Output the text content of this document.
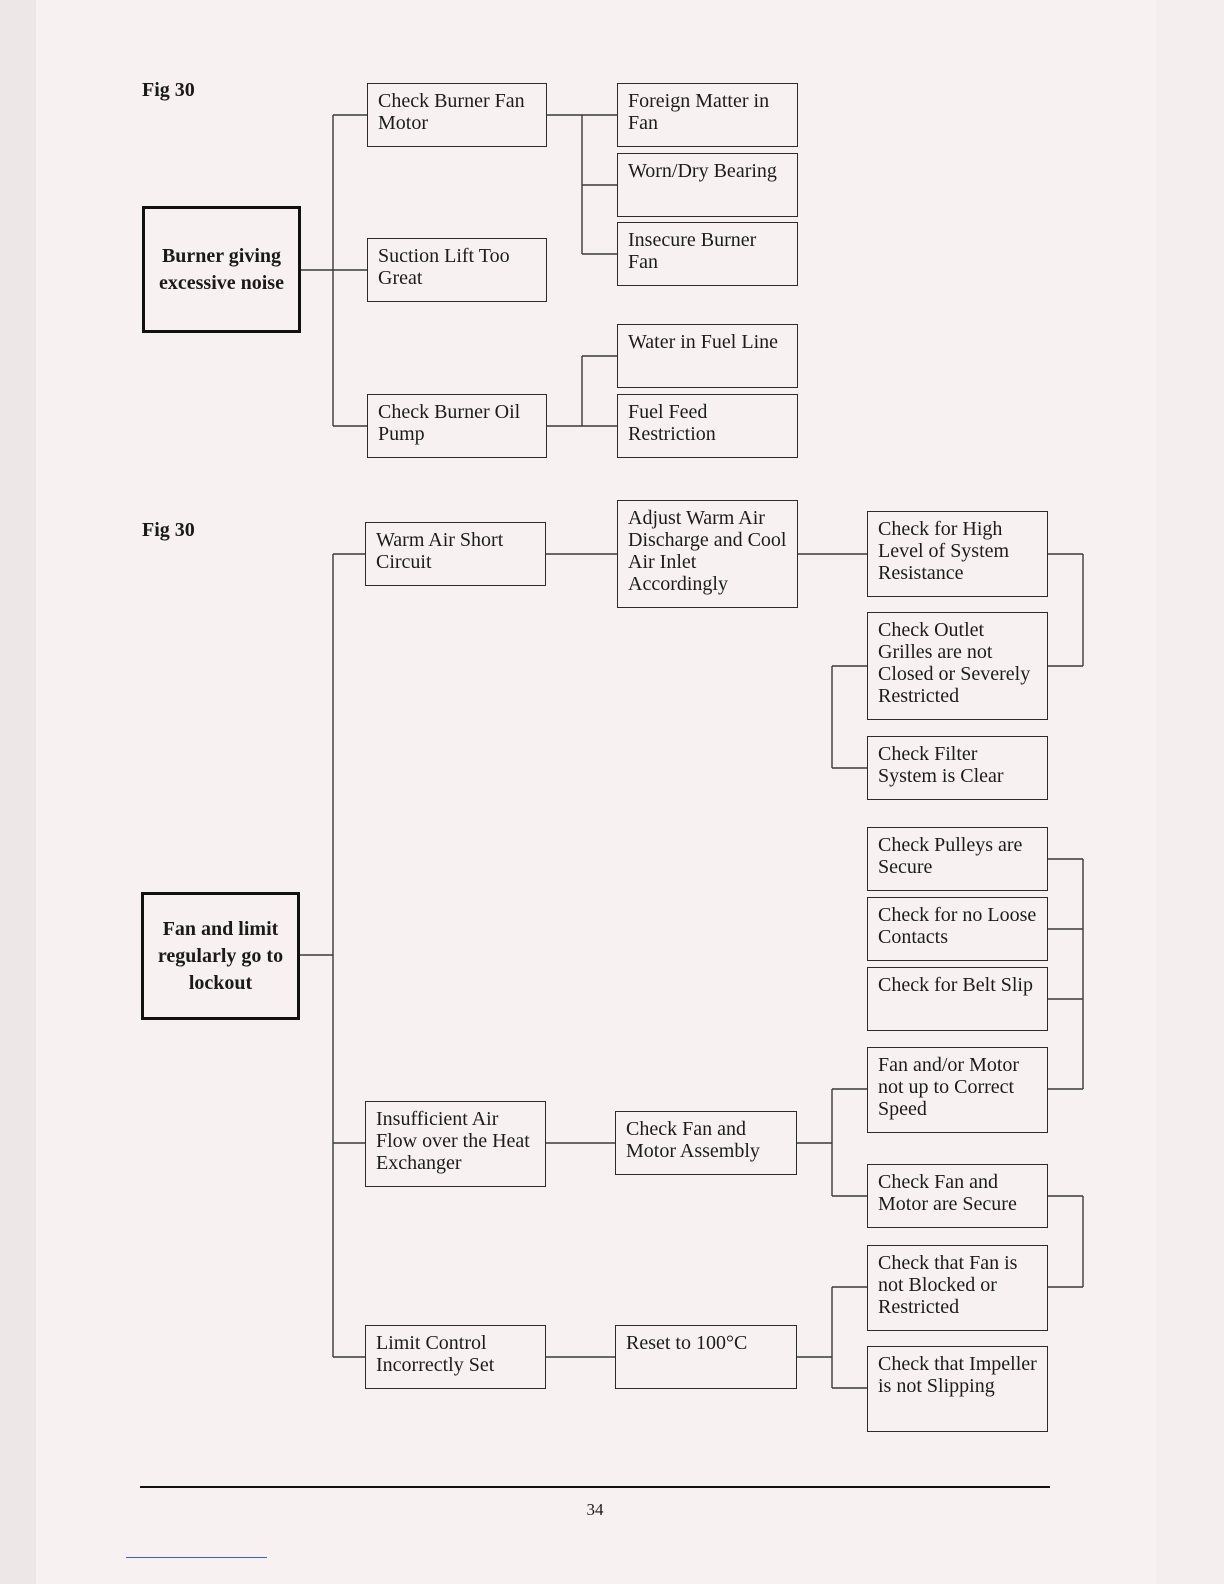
Fig 30
Fig 30
Burner giving excessive noise
Check Burner Fan Motor
Suction Lift Too Great
Check Burner Oil Pump
Foreign Matter in Fan
Worn/Dry Bearing
Insecure Burner Fan
Water in Fuel Line
Fuel Feed Restriction
Fan and limit regularly go to lockout
Warm Air Short Circuit
Insufficient Air Flow over the Heat Exchanger
Limit Control Incorrectly Set
Adjust Warm Air Discharge and Cool Air Inlet Accordingly
Check Fan and Motor Assembly
Reset to 100°C
Check for High Level of System Resistance
Check Outlet Grilles are not Closed or Severely Restricted
Check Filter System is Clear
Check Pulleys are Secure
Check for no Loose Contacts
Check for Belt Slip
Fan and/or Motor not up to Correct Speed
Check Fan and Motor are Secure
Check that Fan is not Blocked or Restricted
Check that Impeller is not Slipping
34
